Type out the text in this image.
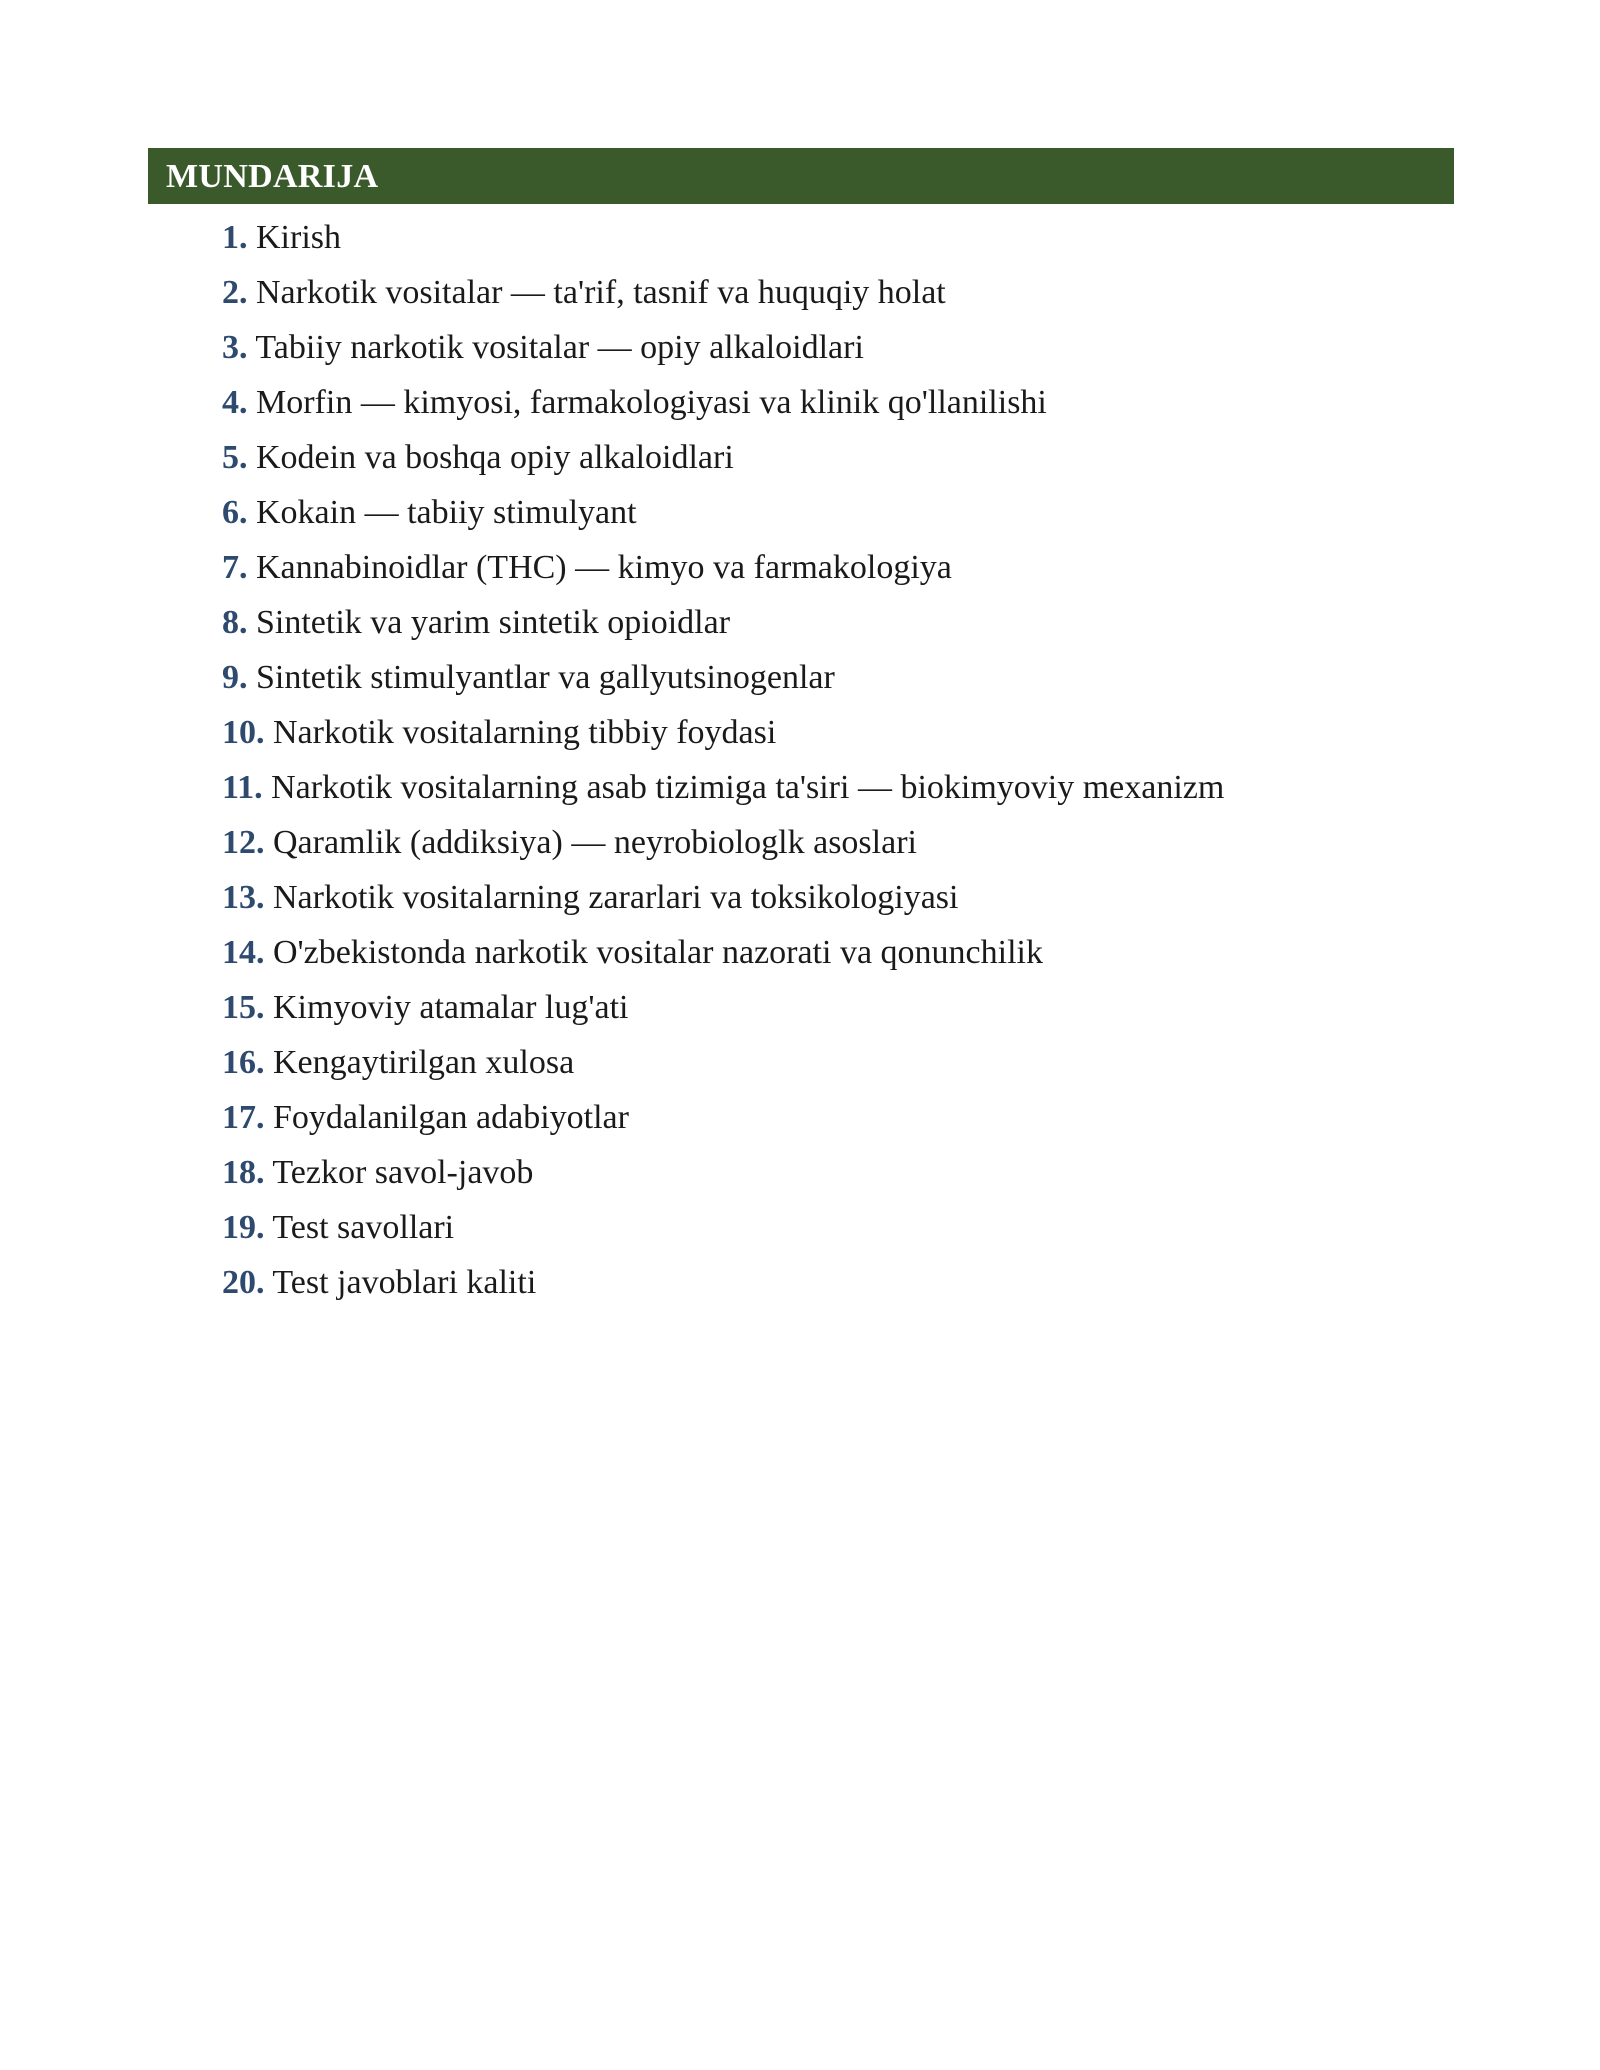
MUNDARIJA
1. Kirish
2. Narkotik vositalar — ta'rif, tasnif va huquqiy holat
3. Tabiiy narkotik vositalar — opiy alkaloidlari
4. Morfin — kimyosi, farmakologiyasi va klinik qo'llanilishi
5. Kodein va boshqa opiy alkaloidlari
6. Kokain — tabiiy stimulyant
7. Kannabinoidlar (THC) — kimyo va farmakologiya
8. Sintetik va yarim sintetik opioidlar
9. Sintetik stimulyantlar va gallyutsinogenlar
10. Narkotik vositalarning tibbiy foydasi
11. Narkotik vositalarning asab tizimiga ta'siri — biokimyoviy mexanizm
12. Qaramlik (addiksiya) — neyrobiologlk asoslari
13. Narkotik vositalarning zararlari va toksikologiyasi
14. O'zbekistonda narkotik vositalar nazorati va qonunchilik
15. Kimyoviy atamalar lug'ati
16. Kengaytirilgan xulosa
17. Foydalanilgan adabiyotlar
18. Tezkor savol-javob
19. Test savollari
20. Test javoblari kaliti
